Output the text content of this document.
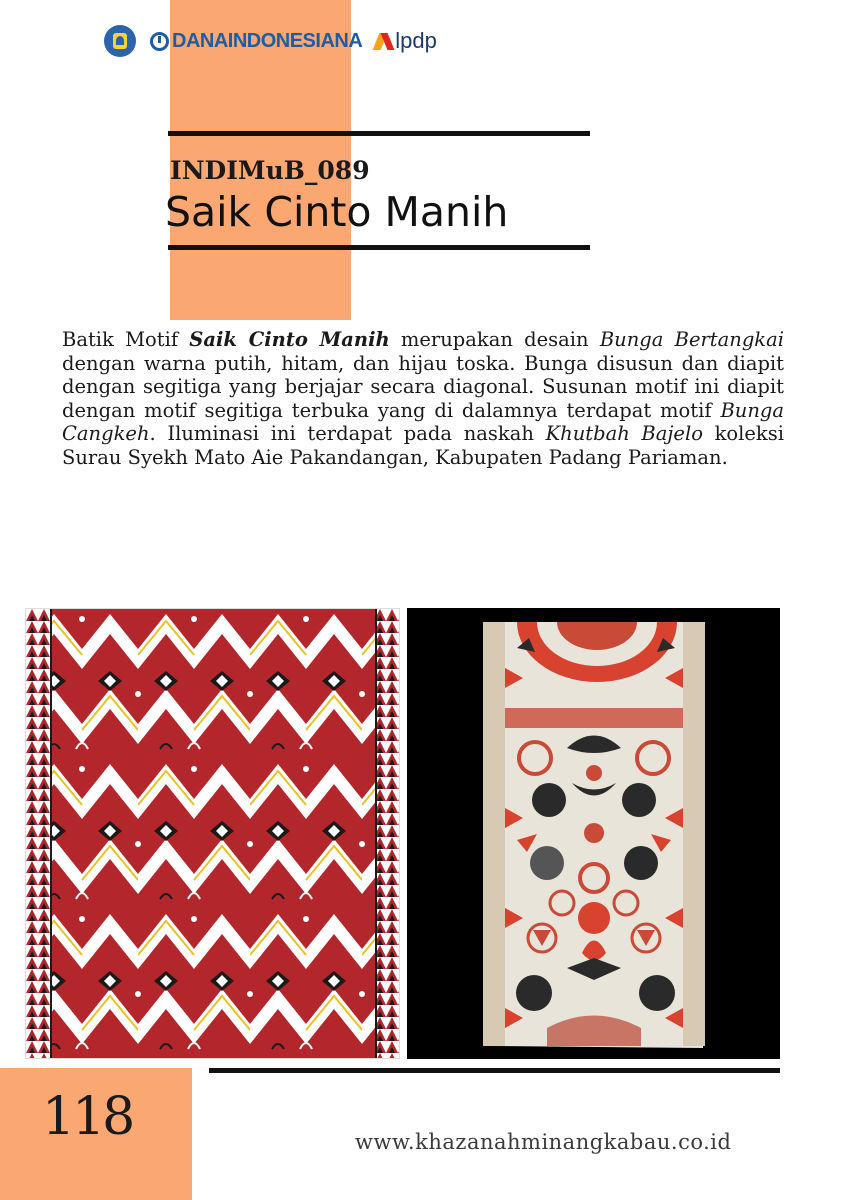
DANAINDONESIANA lpdp
INDIMuB_089
Saik Cinto Manih

Batik Motif Saik Cinto Manih merupakan desain Bunga Bertangkai dengan warna putih, hitam, dan hijau toska. Bunga disusun dan diapit dengan segitiga yang berjajar secara diagonal. Susunan motif ini diapit dengan motif segitiga terbuka yang di dalamnya terdapat motif Bunga Cangkeh. Iluminasi ini terdapat pada naskah Khutbah Bajelo koleksi Surau Syekh Mato Aie Pakandangan, Kabupaten Padang Pariaman.

118	www.khazanahminangkabau.co.id
